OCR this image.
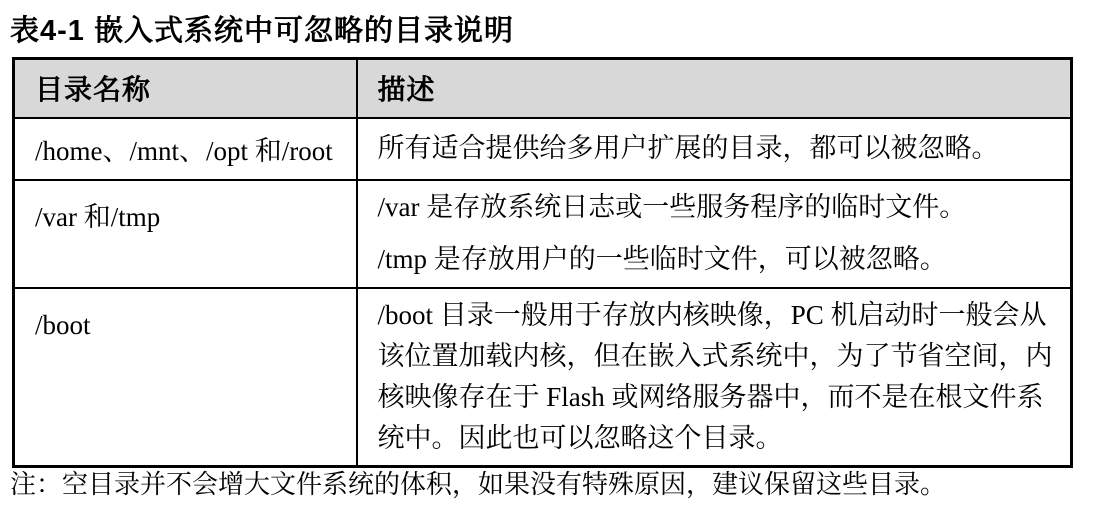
表4-1 嵌入式系统中可忽略的目录说明
目录名称	描述
/home、/mnt、/opt 和/root	所有适合提供给多用户扩展的目录，都可以被忽略。

/var 和/tmp	/var 是存放系统日志或一些服务程序的临时文件。
/tmp 是存放用户的一些临时文件，可以被忽略。

/boot	/boot 目录一般用于存放内核映像，PC 机启动时一般会从该位置加载内核，但在嵌入式系统中，为了节省空间，内核映像存在于 Flash 或网络服务器中，而不是在根文件系统中。因此也可以忽略这个目录。
注：空目录并不会增大文件系统的体积，如果没有特殊原因，建议保留这些目录。
